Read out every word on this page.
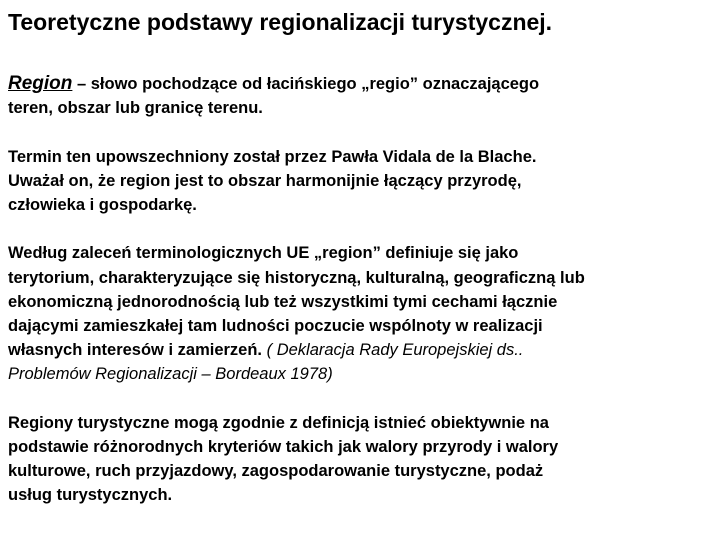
Teoretyczne podstawy regionalizacji turystycznej.

Region – słowo pochodzące od łacińskiego „regio” oznaczającego
teren, obszar lub granicę terenu.

Termin ten upowszechniony został przez Pawła Vidala de la Blache.
Uważał on, że region jest to obszar harmonijnie łączący przyrodę,
człowieka i gospodarkę.

Według zaleceń terminologicznych UE „region” definiuje się jako
terytorium, charakteryzujące się historyczną, kulturalną, geograficzną lub
ekonomiczną jednorodnością lub też wszystkimi tymi cechami łącznie
dającymi zamieszkałej tam ludności poczucie wspólnoty w realizacji
własnych interesów i zamierzeń. ( Deklaracja Rady Europejskiej ds..
Problemów Regionalizacji – Bordeaux 1978)

Regiony turystyczne mogą zgodnie z definicją istnieć obiektywnie na
podstawie różnorodnych kryteriów takich jak walory przyrody i walory
kulturowe, ruch przyjazdowy, zagospodarowanie turystyczne, podaż
usług turystycznych.
